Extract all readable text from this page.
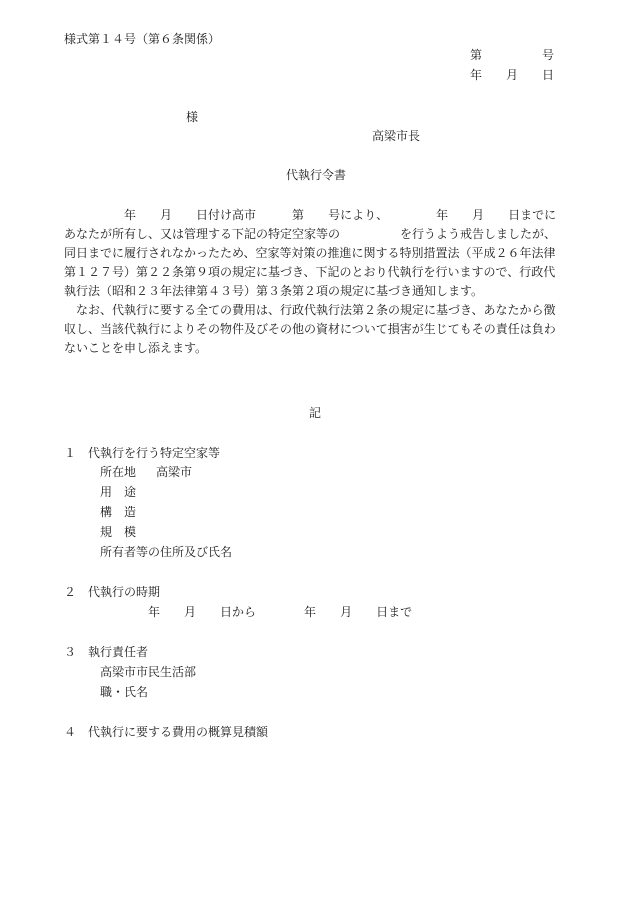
様式第１４号（第６条関係）
第	号
年 月 日
様
高梁市長
代執行令書
年 月 日付け高市	第 号により、	年 月 日までに
あなたが所有し、又は管理する下記の特定空家等の	を行うよう戒告しましたが、
同日までに履行されなかったため、空家等対策の推進に関する特別措置法（平成２６年法律
第１２７号）第２２条第９項の規定に基づき、下記のとおり代執行を行いますので、行政代
執行法（昭和２３年法律第４３号）第３条第２項の規定に基づき通知します。
なお、代執行に要する全ての費用は、行政代執行法第２条の規定に基づき、あなたから徴
収し、当該代執行によりその物件及びその他の資材について損害が生じてもその責任は負わ
ないことを申し添えます。
記
１ 代執行を行う特定空家等
所在地 高梁市
用　途
構　造
規　模
所有者等の住所及び氏名
２ 代執行の時期
年 月 日から	年 月 日まで
３ 執行責任者
高梁市市民生活部
職・氏名
４ 代執行に要する費用の概算見積額
